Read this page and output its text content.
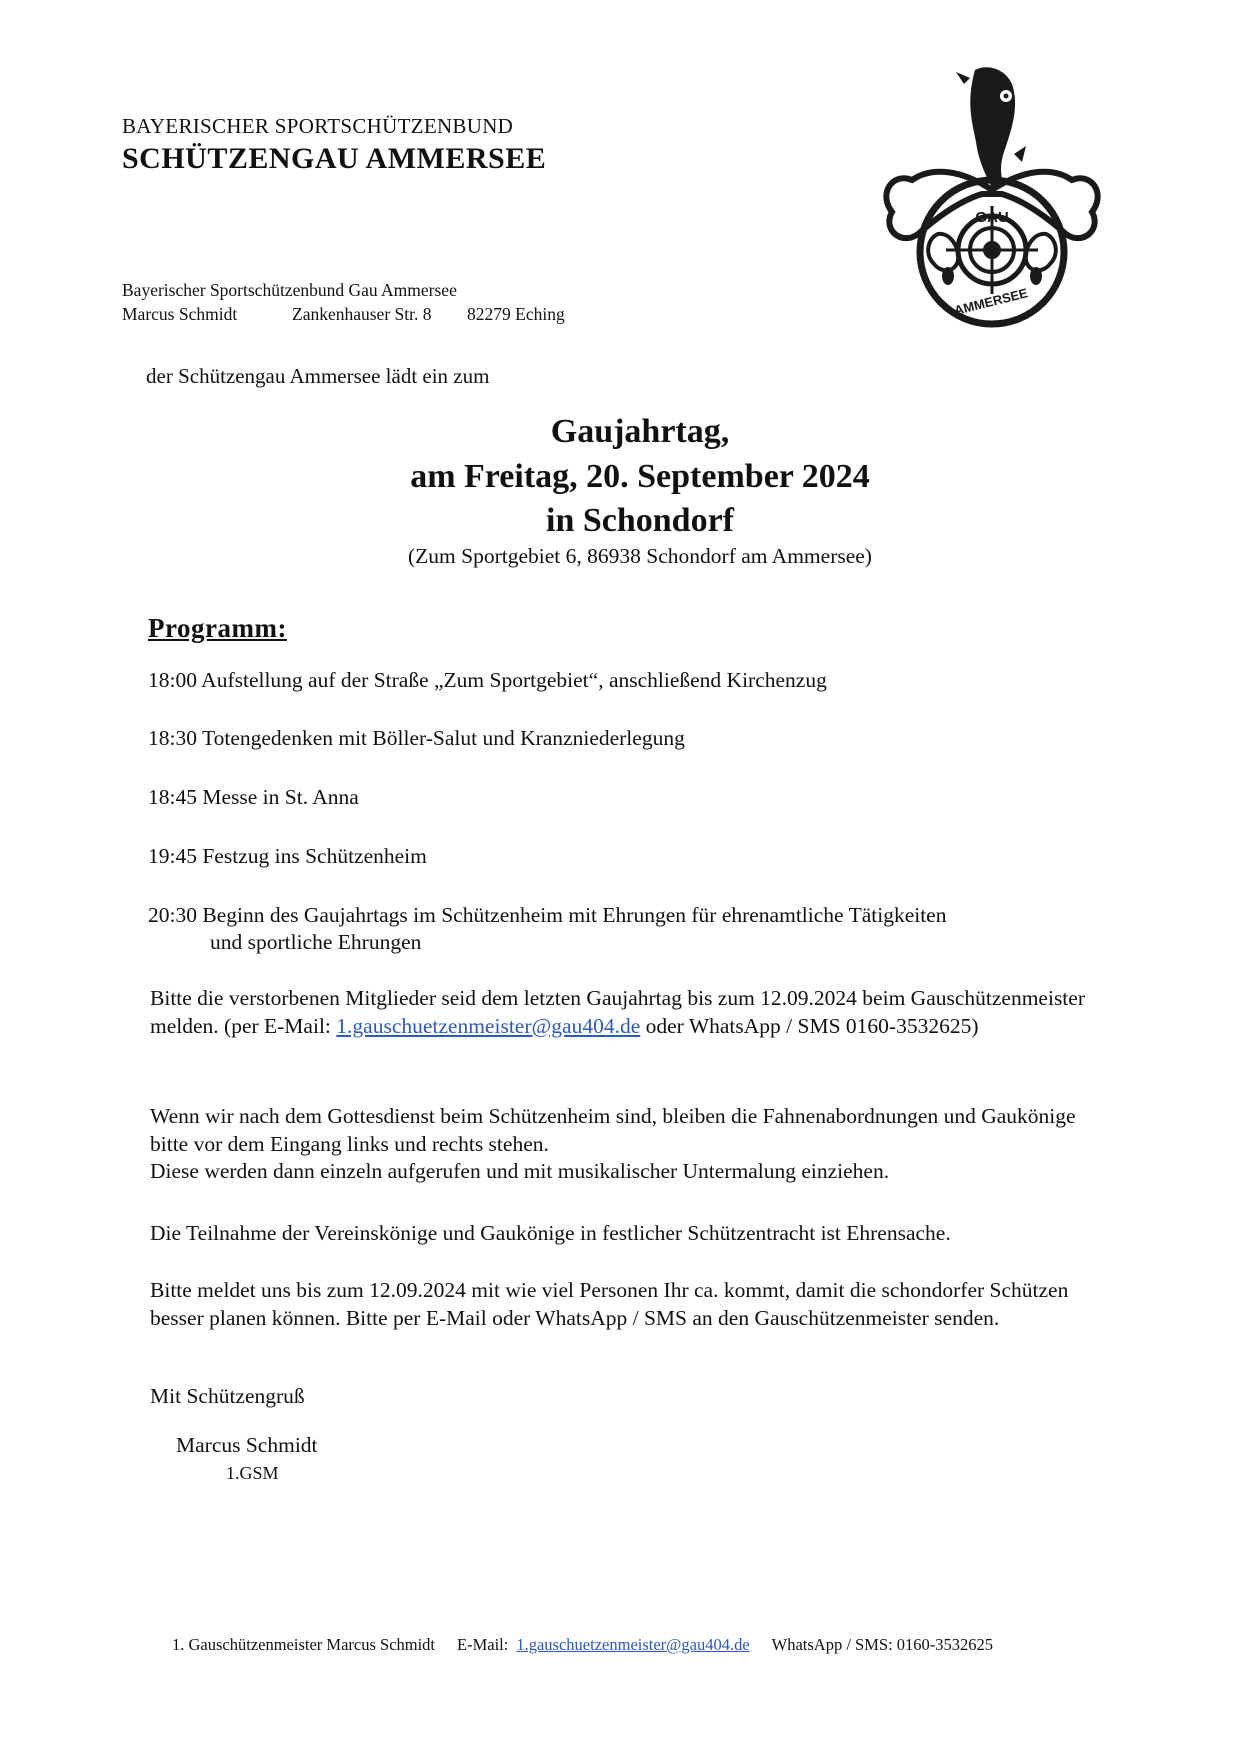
BAYERISCHER SPORTSCHÜTZENBUND
SCHÜTZENGAU AMMERSEE
Bayerischer Sportschützenbund Gau Ammersee
Marcus Schmidt	Zankenhauser Str. 8 82279 Eching
GAU
AMMERSEE
der Schützengau Ammersee lädt ein zum
Gaujahrtag,
am Freitag, 20. September 2024
in Schondorf
(Zum Sportgebiet 6, 86938 Schondorf am Ammersee)
Programm:
18:00 Aufstellung auf der Straße „Zum Sportgebiet“, anschließend Kirchenzug
18:30 Totengedenken mit Böller-Salut und Kranzniederlegung
18:45 Messe in St. Anna
19:45 Festzug ins Schützenheim
20:30 Beginn des Gaujahrtags im Schützenheim mit Ehrungen für ehrenamtliche Tätigkeiten
und sportliche Ehrungen
Bitte die verstorbenen Mitglieder seid dem letzten Gaujahrtag bis zum 12.09.2024 beim Gauschützenmeister melden. (per E-Mail: 1.gauschuetzenmeister@gau404.de oder WhatsApp / SMS 0160-3532625)
Wenn wir nach dem Gottesdienst beim Schützenheim sind, bleiben die Fahnenabordnungen und Gaukönige bitte vor dem Eingang links und rechts stehen.
Diese werden dann einzeln aufgerufen und mit musikalischer Untermalung einziehen.
Die Teilnahme der Vereinskönige und Gaukönige in festlicher Schützentracht ist Ehrensache.
Bitte meldet uns bis zum 12.09.2024 mit wie viel Personen Ihr ca. kommt, damit die schondorfer Schützen besser planen können. Bitte per E-Mail oder WhatsApp / SMS an den Gauschützenmeister senden.
Mit Schützengruß
Marcus Schmidt
1.GSM
1. Gauschützenmeister Marcus Schmidt E-Mail: 1.gauschuetzenmeister@gau404.de WhatsApp / SMS: 0160-3532625
